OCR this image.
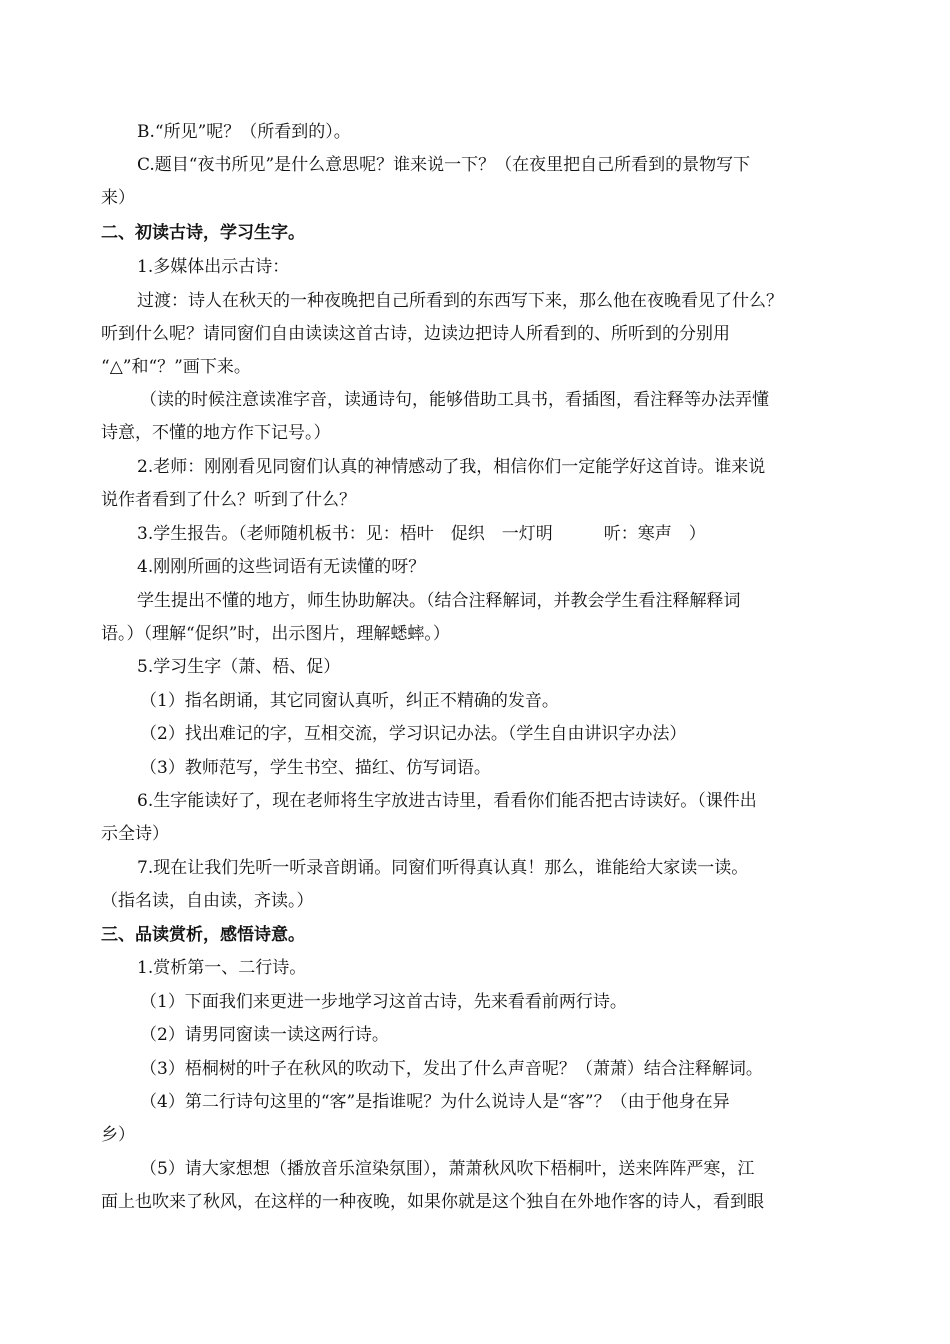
B.“所见”呢？（所看到的）。
C.题目“夜书所见”是什么意思呢？谁来说一下？（在夜里把自己所看到的景物写下
来）
二、初读古诗，学习生字。
1.多媒体出示古诗：
过渡：诗人在秋天的一种夜晚把自己所看到的东西写下来，那么他在夜晚看见了什么？
听到什么呢？请同窗们自由读读这首古诗，边读边把诗人所看到的、所听到的分别用
“△”和“？”画下来。
（读的时候注意读准字音，读通诗句，能够借助工具书，看插图，看注释等办法弄懂
诗意，不懂的地方作下记号。）
2.老师：刚刚看见同窗们认真的神情感动了我，相信你们一定能学好这首诗。谁来说
说作者看到了什么？听到了什么？
3.学生报告。（老师随机板书：见：梧叶　促织　一灯明　　　听：寒声　）
4.刚刚所画的这些词语有无读懂的呀？
学生提出不懂的地方，师生协助解决。（结合注释解词，并教会学生看注释解释词
语。）（理解“促织”时，出示图片，理解蟋蟀。）
5.学习生字（萧、梧、促）
（1）指名朗诵，其它同窗认真听，纠正不精确的发音。
（2）找出难记的字，互相交流，学习识记办法。（学生自由讲识字办法）
（3）教师范写，学生书空、描红、仿写词语。
6.生字能读好了，现在老师将生字放进古诗里，看看你们能否把古诗读好。（课件出
示全诗）
7.现在让我们先听一听录音朗诵。同窗们听得真认真！那么，谁能给大家读一读。
（指名读，自由读，齐读。）
三、品读赏析，感悟诗意。
1.赏析第一、二行诗。
（1）下面我们来更进一步地学习这首古诗，先来看看前两行诗。
（2）请男同窗读一读这两行诗。
（3）梧桐树的叶子在秋风的吹动下，发出了什么声音呢？（萧萧）结合注释解词。
（4）第二行诗句这里的“客”是指谁呢？为什么说诗人是“客”？（由于他身在异
乡）
（5）请大家想想（播放音乐渲染氛围），萧萧秋风吹下梧桐叶，送来阵阵严寒，江
面上也吹来了秋风，在这样的一种夜晚，如果你就是这个独自在外地作客的诗人，看到眼
